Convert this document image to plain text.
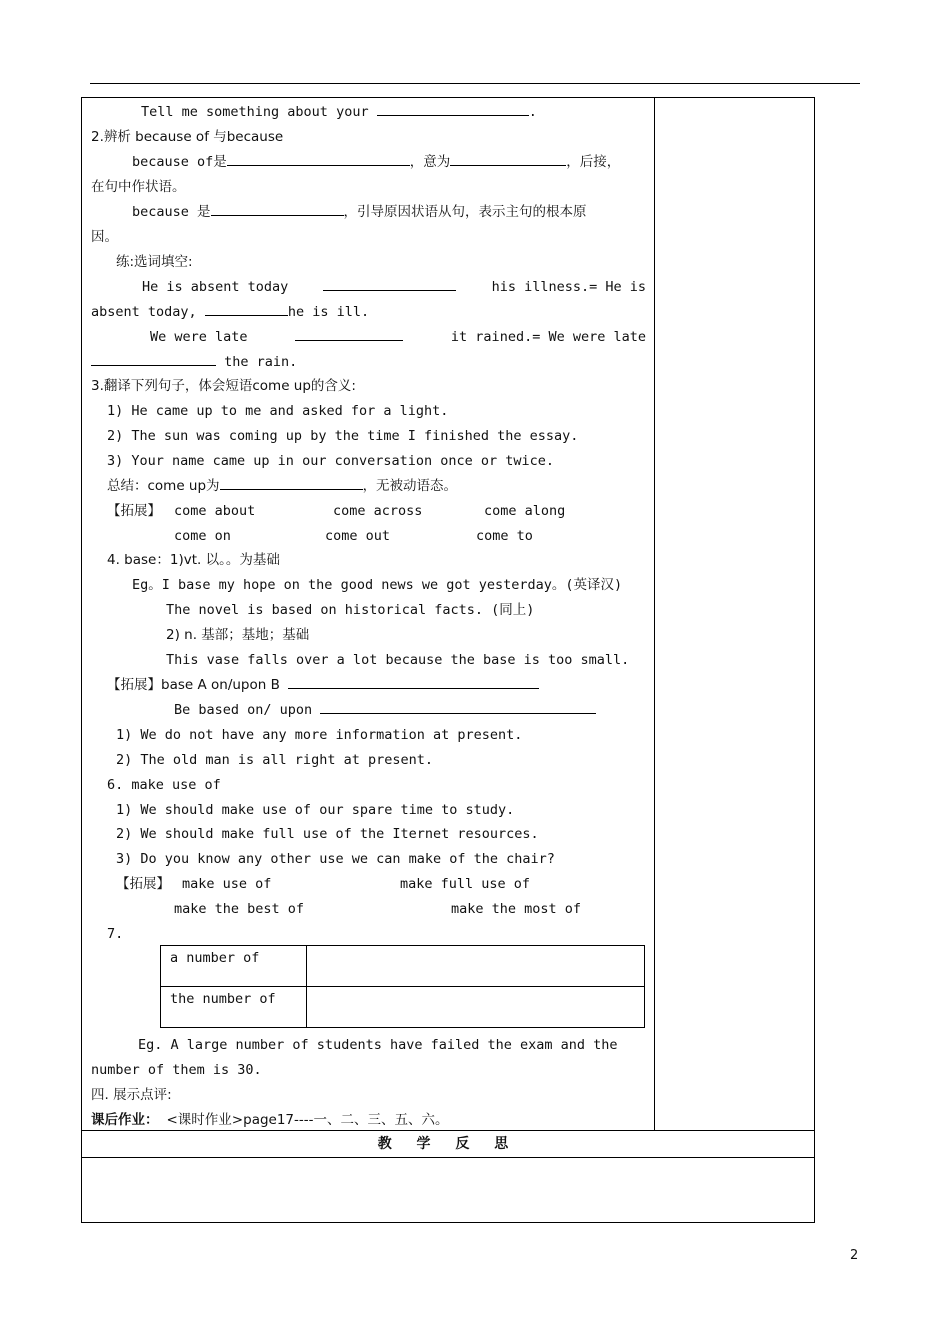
教 学 反 思
Tell me something about your	.
2.辨析 because of 与because
because of是	，意为	，后接，
在句中作状语。
because 是	，引导原因状语从句，表示主句的根本原
因。
练:选词填空:
He is absent today	his illness.= He is
absent today,	he is ill.
We were late	it rained.= We were late
the rain.
3.翻译下列句子，体会短语come up的含义:
1) He came up to me and asked for a light.
2) The sun was coming up by the time I finished the essay.
3) Your name came up in our conversation once or twice.
总结：come up为	，无被动语态。
【拓展】 come about	come across	come along
come on	come out	come to
4. base：1)vt. 以。。为基础
Eg。I base my hope on the good news we got yesterday。(英译汉)
The novel is based on historical facts. (同上)
2) n. 基部；基地；基础
This vase falls over a lot because the base is too small.
【拓展】base A on/upon B
Be based on/ upon
1) We do not have any more information at present.
2) The old man is all right at present.
6. make use of
1) We should make use of our spare time to study.
2) We should make full use of the Iternet resources.
3) Do you know any other use we can make of the chair?
【拓展】 make use of	make full use of
make the best of	make the most of
7.
a number of	
the number of	
Eg. A large number of students have failed the exam and the
number of them is 30.
四. 展示点评:
课后作业： <课时作业>page17----一、二、三、五、六。
2
